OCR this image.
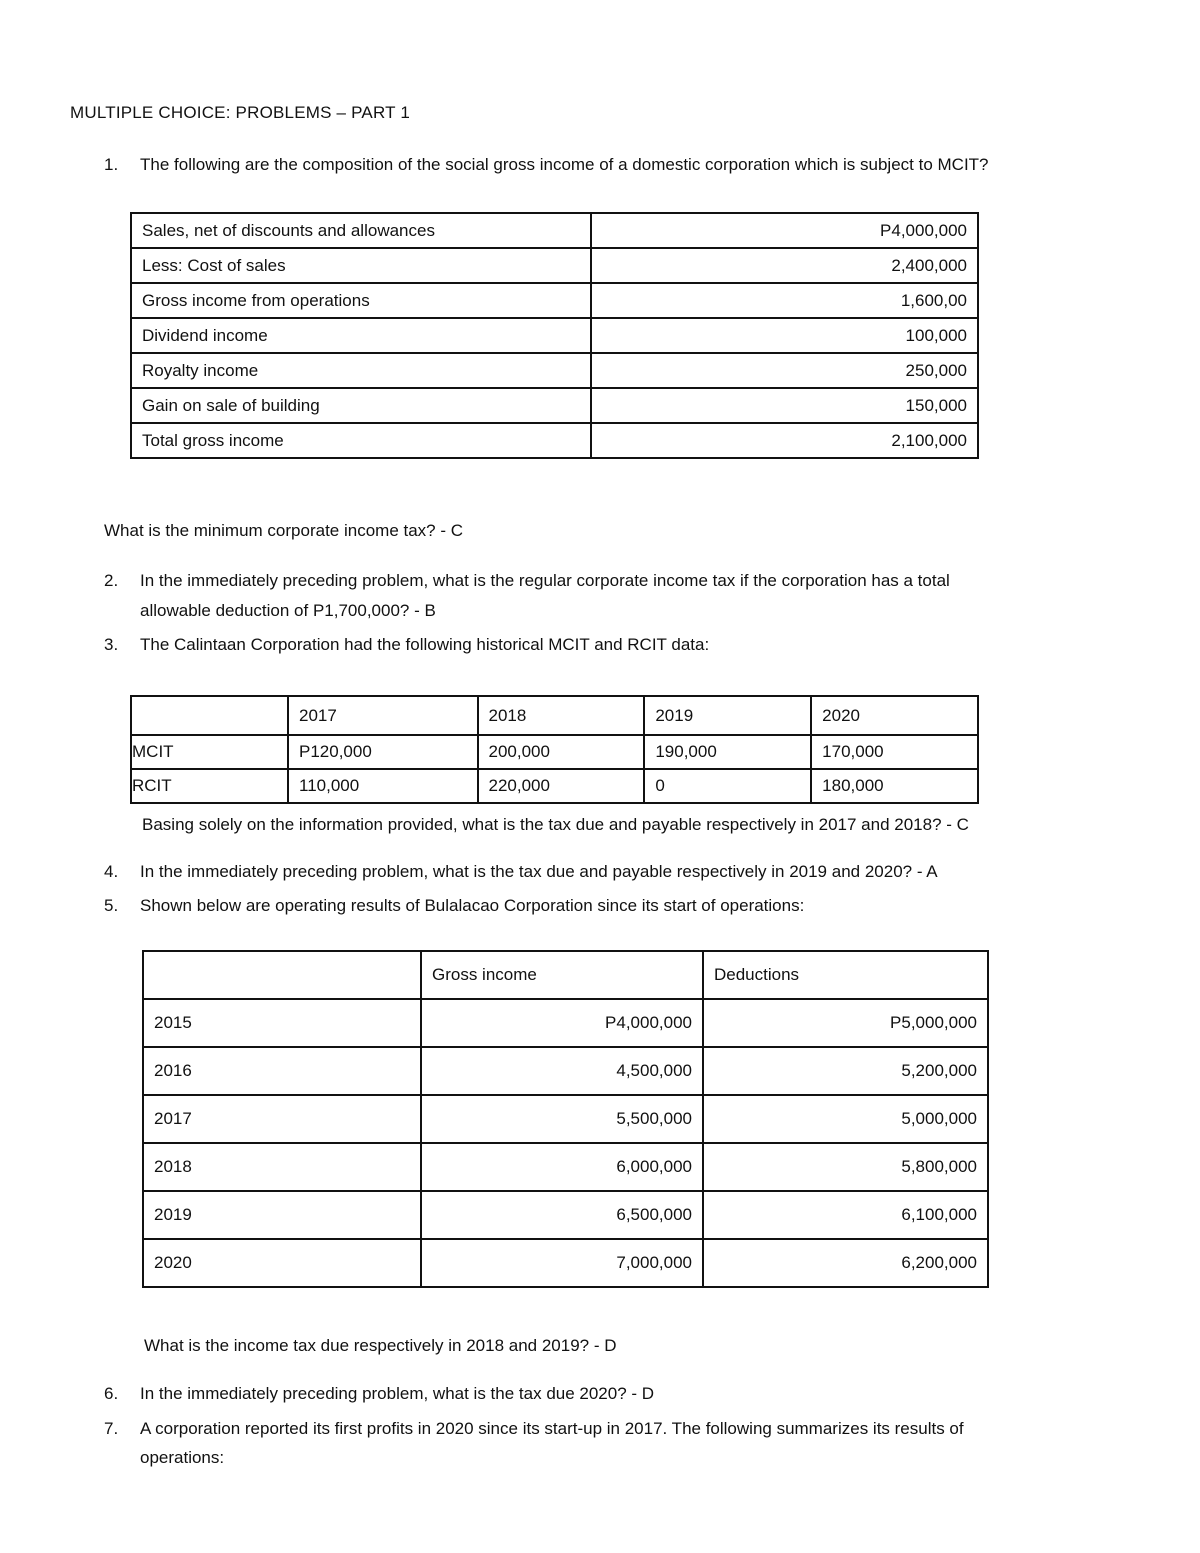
MULTIPLE CHOICE: PROBLEMS – PART 1
1. The following are the composition of the social gross income of a domestic corporation which is subject to MCIT?
Sales, net of discounts and allowances	P4,000,000
Less: Cost of sales	2,400,000
Gross income from operations	1,600,00
Dividend income	100,000
Royalty income	250,000
Gain on sale of building	150,000
Total gross income	2,100,000
What is the minimum corporate income tax? - C
2. In the immediately preceding problem, what is the regular corporate income tax if the corporation has a total
allowable deduction of P1,700,000? - B
3. The Calintaan Corporation had the following historical MCIT and RCIT data:
	2017	2018	2019	2020
MCIT	P120,000	200,000	190,000	170,000
RCIT	110,000	220,000	0	180,000
Basing solely on the information provided, what is the tax due and payable respectively in 2017 and 2018? - C
4. In the immediately preceding problem, what is the tax due and payable respectively in 2019 and 2020? - A
5. Shown below are operating results of Bulalacao Corporation since its start of operations:
	Gross income	Deductions
2015	P4,000,000	P5,000,000
2016	4,500,000	5,200,000
2017	5,500,000	5,000,000
2018	6,000,000	5,800,000
2019	6,500,000	6,100,000
2020	7,000,000	6,200,000
What is the income tax due respectively in 2018 and 2019? - D
6. In the immediately preceding problem, what is the tax due 2020? - D
7. A corporation reported its first profits in 2020 since its start-up in 2017. The following summarizes its results of
operations:
